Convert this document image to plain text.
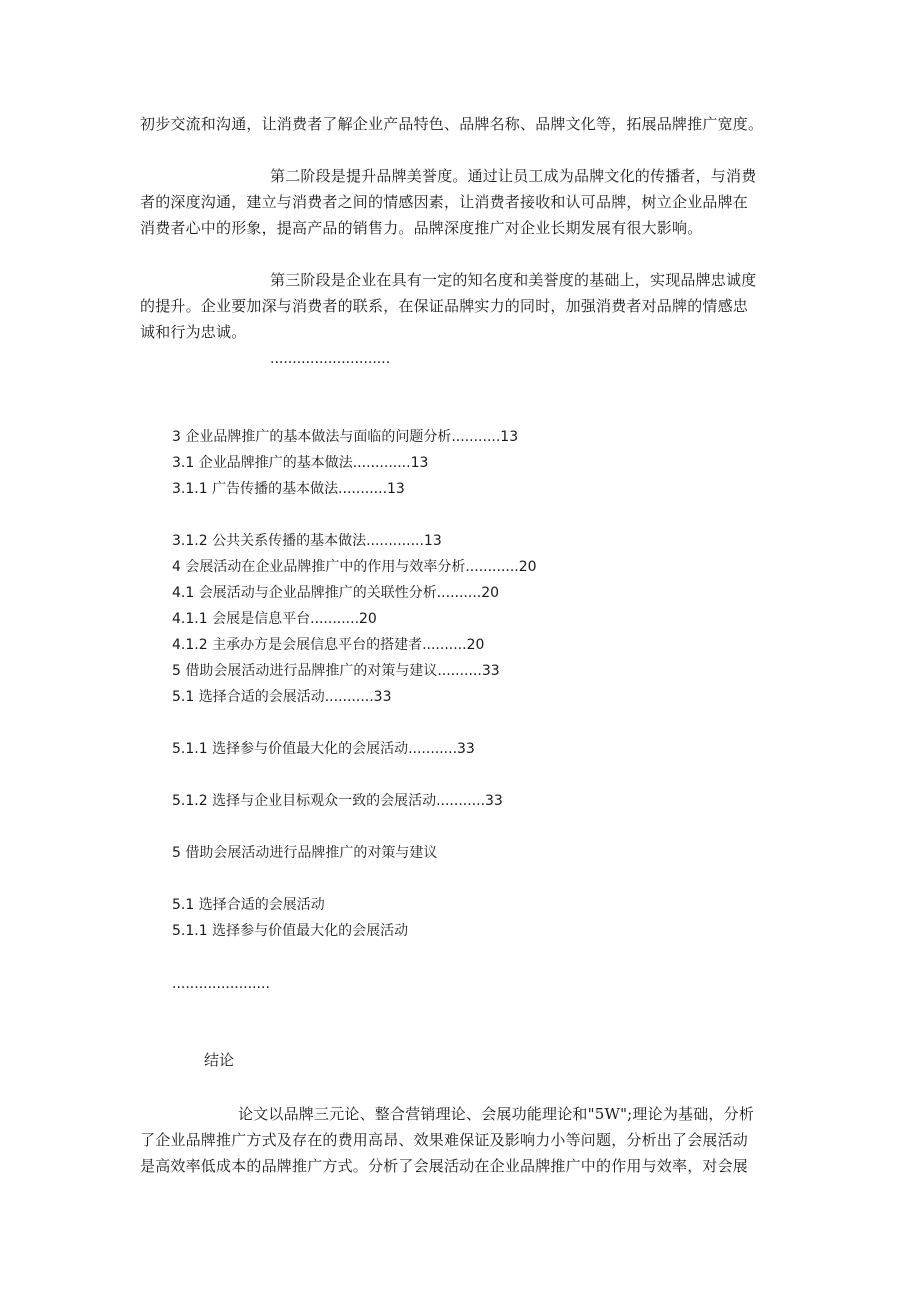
初步交流和沟通，让消费者了解企业产品特色、品牌名称、品牌文化等，拓展品牌推广宽度。
第二阶段是提升品牌美誉度。通过让员工成为品牌文化的传播者，与消费
者的深度沟通，建立与消费者之间的情感因素，让消费者接收和认可品牌，树立企业品牌在
消费者心中的形象，提高产品的销售力。品牌深度推广对企业长期发展有很大影响。
第三阶段是企业在具有一定的知名度和美誉度的基础上，实现品牌忠诚度
的提升。企业要加深与消费者的联系，在保证品牌实力的同时，加强消费者对品牌的情感忠
诚和行为忠诚。
...........................
3 企业品牌推广的基本做法与面临的问题分析...........13
3.1 企业品牌推广的基本做法.............13
3.1.1 广告传播的基本做法...........13
3.1.2 公共关系传播的基本做法.............13
4 会展活动在企业品牌推广中的作用与效率分析............20
4.1 会展活动与企业品牌推广的关联性分析..........20
4.1.1 会展是信息平台...........20
4.1.2 主承办方是会展信息平台的搭建者..........20
5 借助会展活动进行品牌推广的对策与建议..........33
5.1 选择合适的会展活动...........33
5.1.1 选择参与价值最大化的会展活动...........33
5.1.2 选择与企业目标观众一致的会展活动...........33
5 借助会展活动进行品牌推广的对策与建议
5.1 选择合适的会展活动
5.1.1 选择参与价值最大化的会展活动
......................
结论
论文以品牌三元论、整合营销理论、会展功能理论和"5W";理论为基础，分析
了企业品牌推广方式及存在的费用高昂、效果难保证及影响力小等问题，分析出了会展活动
是高效率低成本的品牌推广方式。分析了会展活动在企业品牌推广中的作用与效率，对会展
